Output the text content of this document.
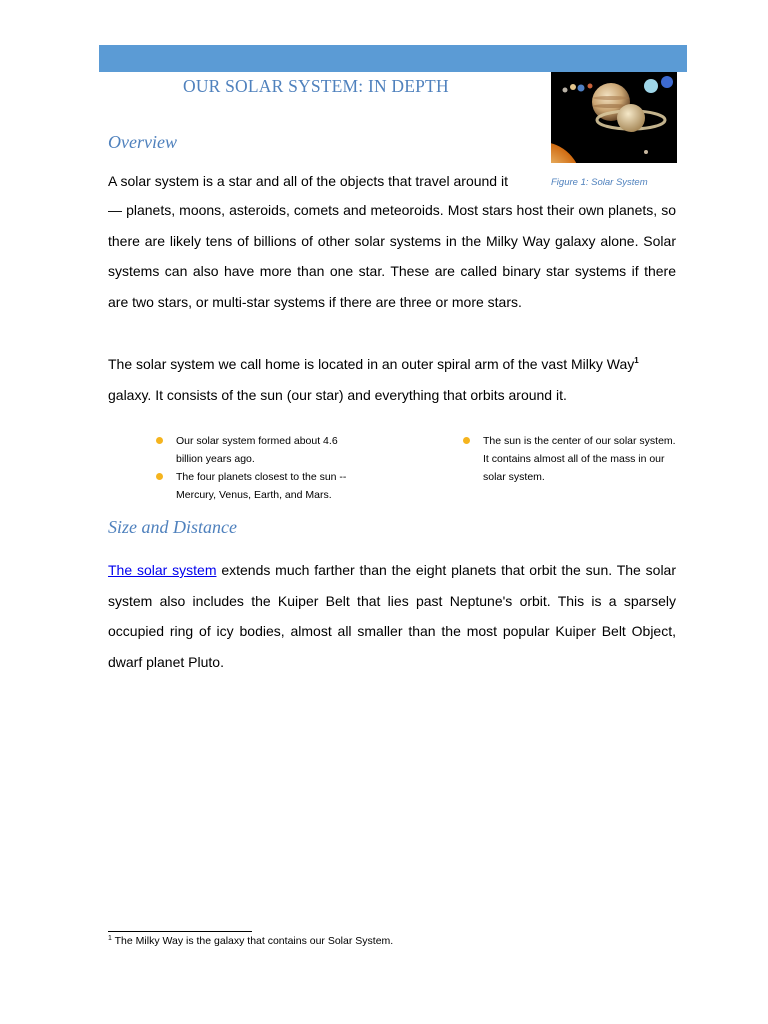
OUR SOLAR SYSTEM: IN DEPTH
Figure 1: Solar System
Overview
A solar system is a star and all of the objects that travel around it

— planets, moons, asteroids, comets and meteoroids. Most stars host their own planets, so there are likely tens of billions of other solar systems in the Milky Way galaxy alone. Solar systems can also have more than one star. These are called binary star systems if there are two stars, or multi-star systems if there are three or more stars.

The solar system we call home is located in an outer spiral arm of the vast Milky Way$^1$ galaxy. It consists of the sun (our star) and everything that orbits around it.

Our solar system formed about 4.6 billion years ago.
The four planets closest to the sun -- Mercury, Venus, Earth, and Mars.
The sun is the center of our solar system. It contains almost all of the mass in our solar system.
Size and Distance

The solar system extends much farther than the eight planets that orbit the sun. The solar system also includes the Kuiper Belt that lies past Neptune's orbit. This is a sparsely occupied ring of icy bodies, almost all smaller than the most popular Kuiper Belt Object, dwarf planet Pluto.

$^1$ The Milky Way is the galaxy that contains our Solar System.
